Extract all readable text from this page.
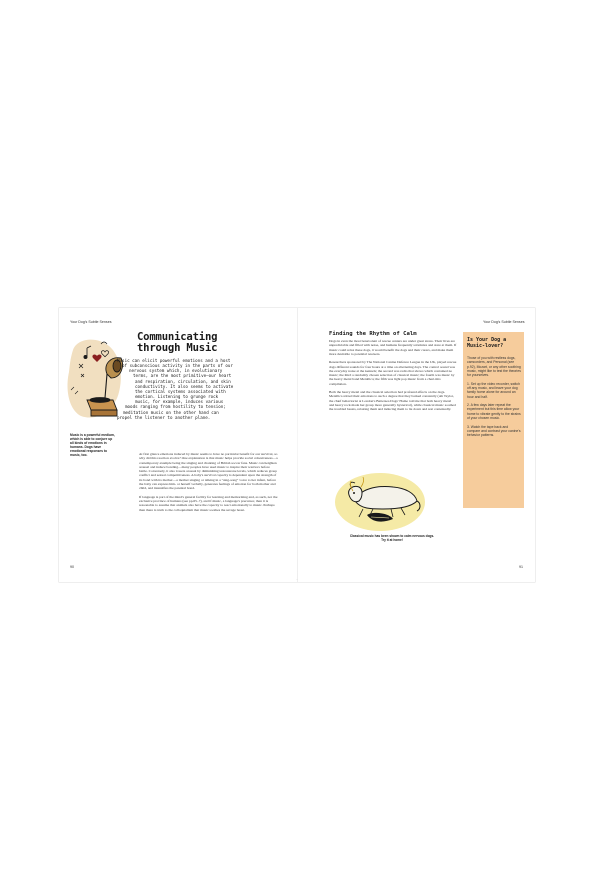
Your Dog's Subtle Senses
Communicating
through Music
Music can elicit powerful emotions and a host
of subconscious activity in the parts of our
nervous system which, in evolutionary
terms, are the most primitive—our heart
and respiration, circulation, and skin
conductivity. It also seems to activate
the cortical systems associated with
emotion. Listening to grunge rock
music, for example, induces various
moods ranging from hostility to tension;
meditation music on the other hand can
propel the listener to another plane.
Music is a powerful medium, which is able to conjure up all kinds of emotions in humans. Dogs have emotional responses to music, too.	At first glance emotions induced by music seems to have no particular benefit for our survival, so why did this reaction evolve? One explanation is that music helps provide social cohesiveness—a contemporary example being the singing and chanting of British soccer fans. Music can heighten arousal and induce bonding—many peoples have used music to inspire their warriors before battle. Conversely, it also lowers arousal by diminishing testosterone levels, which reduces group conflict and sexual competitiveness. A baby's survival capacity is dependent upon the strength of its bond with its mother—a mother singing or talking in a "sing-song" voice to her infant, before the baby can express him- or herself verbally, generates feelings of emotion for both mother and child, and intensifies the parental bond.

If language is part of the mind's general facility for learning and memorizing and, as such, not the exclusive province of humans (see pp.65–7), and if music, a language's precursor, then it is reasonable to assume that animals also have the capacity to react emotionally to music. Perhaps then there is truth to the colloquialism that music soothes the savage beast.

90
Your Dog's Subtle Senses
Finding the Rhythm of Calm

Dogs in even the most benevolent of rescue centers are under great stress. Their lives are unpredictable and filled with noise, and humans frequently scrutinize and stare at them. If music could relax these dogs, it would benefit the dogs and their carers, and make them more desirable to potential rescuers.

Researchers sponsored by The National Canine Defence League in the UK, played rescue dogs different sounds for four hours at a time on alternating days. The control sound was the everyday noise at the kennels; the second was radio that shows which contained no music; the third a randomly chosen selection of classical music; the fourth was music by the heavy metal band Metallica; the fifth was light pop music from a chart-hits compilation.

Both the heavy metal and the classical selection had profound effects on the dogs. Metallica stirred their emotions to such a degree that they barked constantly (Ah Taylor, the chief behaviorist at London's Battersea Dogs' Home told me that both heavy metal and heavy rock made her group more generally hysterical), while classical music soothed the troubled beasts, relaxing them and inducing them to lie down and rest contentedly.

Is Your Dog a Music-lover?

Those of you with restless dogs, camcorders, and Personal (see p.92), Mozart, or any other soothing music, might like to test the theories for yourselves.

1. Set up the video recorder, switch off any music, and leave your dog family home alone for around an hour and half.

2. A few days later repeat the experiment but this time allow your home to vibrate gently to the strains of your chosen music.

3. Watch the tape back and compare and contrast your canine's behavior patterns.

Classical music has been shown to calm nervous dogs. Try it at home!
91
...
